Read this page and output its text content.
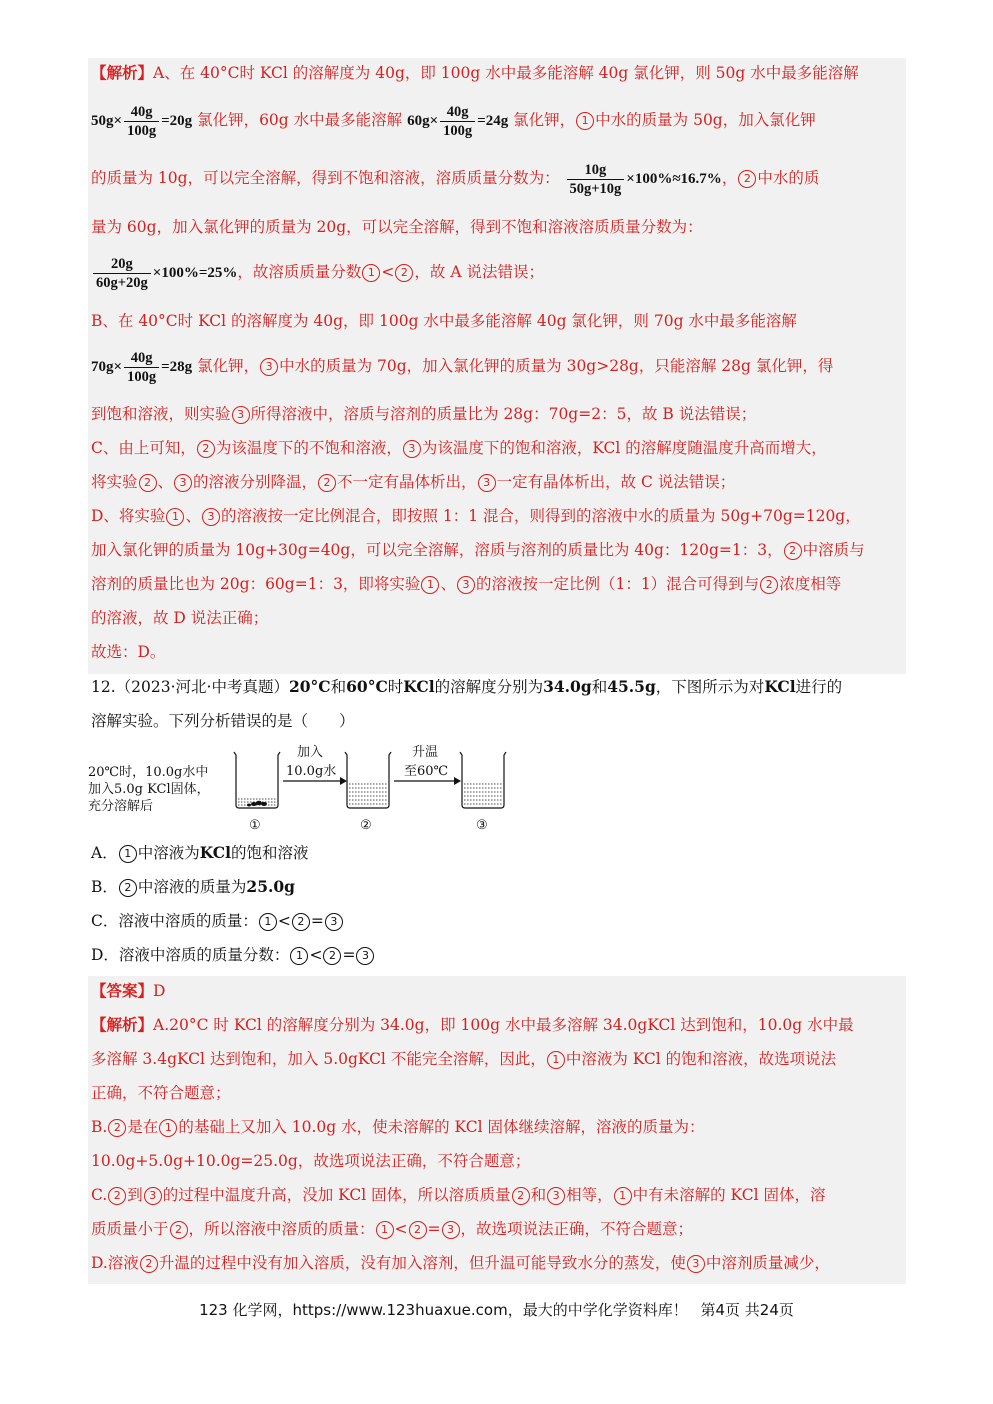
【解析】A、在 40°C时 KCl 的溶解度为 40g，即 100g 水中最多能溶解 40g 氯化钾，则 50g 水中最多能溶解
$50g\times \frac{40g}{100g} =20g$ 氯化钾，60g 水中最多能溶解 $60g\times \frac{40g}{100g} =24g$ 氯化钾， 1 中水的质量为 50g，加入氯化钾
的质量为 10g，可以完全溶解，得到不饱和溶液，溶质质量分数为： $\frac{10g}{50g+10g} \times 100\%\approx 16.7\%$， 2 中水的质
量为 60g，加入氯化钾的质量为 20g，可以完全溶解，得到不饱和溶液溶质质量分数为：
$\frac{20g}{60g+20g} \times 100\%=25\%$，故溶质质量分数 1 < 2 ，故 A 说法错误；
B、在 40°C时 KCl 的溶解度为 40g，即 100g 水中最多能溶解 40g 氯化钾，则 70g 水中最多能溶解
$70g\times \frac{40g}{100g} =28g$ 氯化钾， 3 中水的质量为 70g，加入氯化钾的质量为 30g>28g，只能溶解 28g 氯化钾，得
到饱和溶液，则实验 3 所得溶液中，溶质与溶剂的质量比为 28g：70g=2：5，故 B 说法错误；
C、由上可知， 2 为该温度下的不饱和溶液， 3 为该温度下的饱和溶液，KCl 的溶解度随温度升高而增大，
将实验 2 、 3 的溶液分别降温， 2 不一定有晶体析出， 3 一定有晶体析出，故 C 说法错误；
D、将实验 1 、 3 的溶液按一定比例混合，即按照 1：1 混合，则得到的溶液中水的质量为 50g+70g=120g，
加入氯化钾的质量为 10g+30g=40g，可以完全溶解，溶质与溶剂的质量比为 40g：120g=1：3， 2 中溶质与
溶剂的质量比也为 20g：60g=1：3，即将实验 1 、 3 的溶液按一定比例（1：1）混合可得到与 2 浓度相等
的溶液，故 D 说法正确；
故选：D。
12.（2023·河北·中考真题）20°C和60°C时KCl的溶解度分别为34.0g和45.5g，下图所示为对KCl进行的
溶解实验。下列分析错误的是（　　）
20℃时，10.0g水中
加入5.0g KCl固体，
充分溶解后
①
加入
10.0g水
②
升温
至60℃
③
A． 1 中溶液为KCl的饱和溶液
B． 2 中溶液的质量为25.0g
C．溶液中溶质的质量： 1 < 2 = 3
D．溶液中溶质的质量分数： 1 < 2 = 3
【答案】D
【解析】A.20°C 时 KCl 的溶解度分别为 34.0g，即 100g 水中最多溶解 34.0gKCl 达到饱和，10.0g 水中最
多溶解 3.4gKCl 达到饱和，加入 5.0gKCl 不能完全溶解，因此， 1 中溶液为 KCl 的饱和溶液，故选项说法
正确，不符合题意；
B. 2 是在 1 的基础上又加入 10.0g 水，使未溶解的 KCl 固体继续溶解，溶液的质量为：
10.0g+5.0g+10.0g=25.0g，故选项说法正确，不符合题意；
C. 2 到 3 的过程中温度升高，没加 KCl 固体，所以溶质质量 2 和 3 相等， 1 中有未溶解的 KCl 固体，溶
质质量小于 2 ，所以溶液中溶质的质量： 1 < 2 = 3 ，故选项说法正确，不符合题意；
D.溶液 2 升温的过程中没有加入溶质，没有加入溶剂，但升温可能导致水分的蒸发，使 3 中溶剂质量减少，
123 化学网，https://www.123huaxue.com，最大的中学化学资料库！ 第4页 共24页
